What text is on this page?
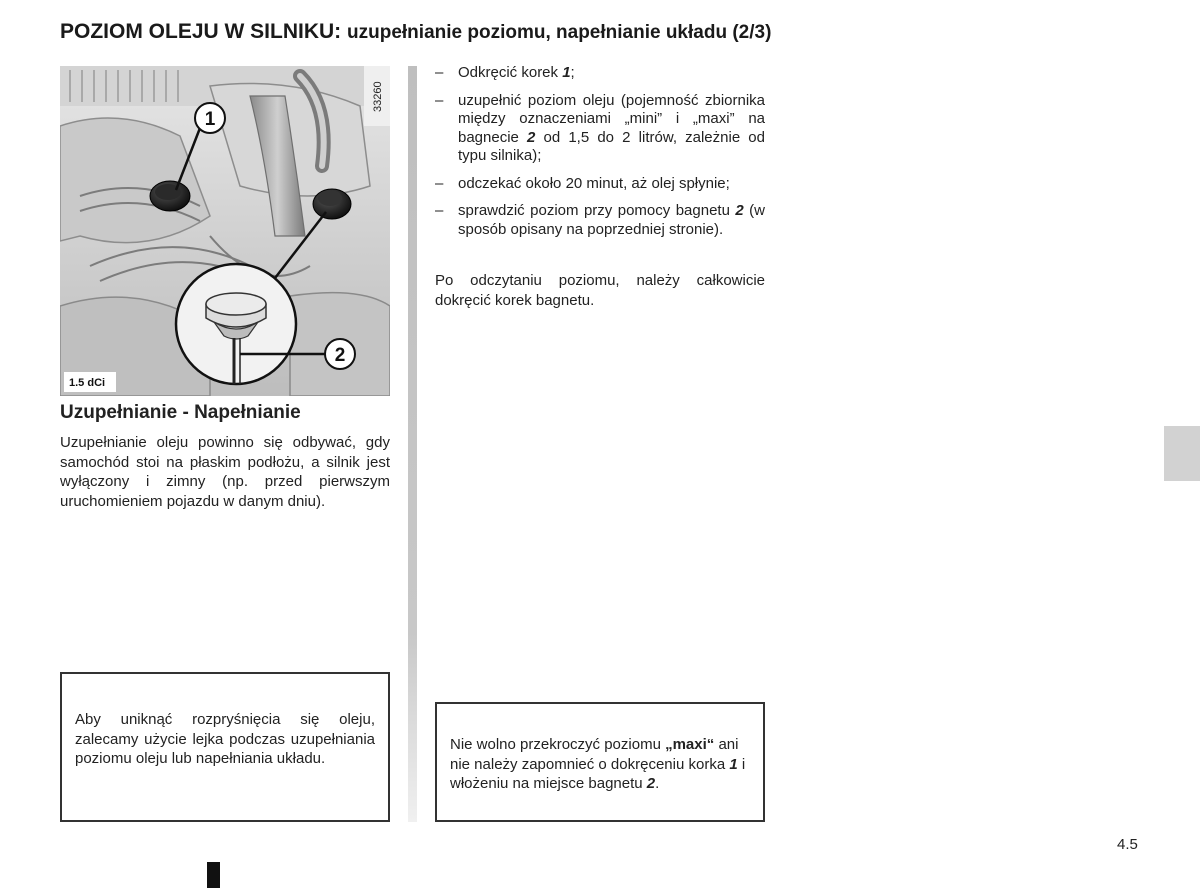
POZIOM OLEJU W SILNIKU: uzupełnianie poziomu, napełnianie układu (2/3)
1
2
33260
1.5 dCi
Uzupełnianie - Napełnianie

Uzupełnianie oleju powinno się odbywać, gdy samochód stoi na płaskim podłożu, a silnik jest wyłączony i zimny (np. przed pierwszym uruchomieniem pojazdu w danym dniu).

Aby uniknąć rozpryśnięcia się oleju, zalecamy użycie lejka podczas uzupełniania poziomu oleju lub napełniania układu.
– Odkręcić korek 1;
– uzupełnić poziom oleju (pojemność zbiornika między oznaczeniami „mini” i „maxi” na bagnecie 2 od 1,5 do 2 litrów, zależnie od typu silnika);
– odczekać około 20 minut, aż olej spłynie;
– sprawdzić poziom przy pomocy bagnetu 2 (w sposób opisany na poprzedniej stronie).

Po odczytaniu poziomu, należy całkowicie dokręcić korek bagnetu.

Nie wolno przekroczyć poziomu „maxi“ ani nie należy zapomnieć o dokręceniu korka 1 i włożeniu na miejsce bagnetu 2.
4.5
